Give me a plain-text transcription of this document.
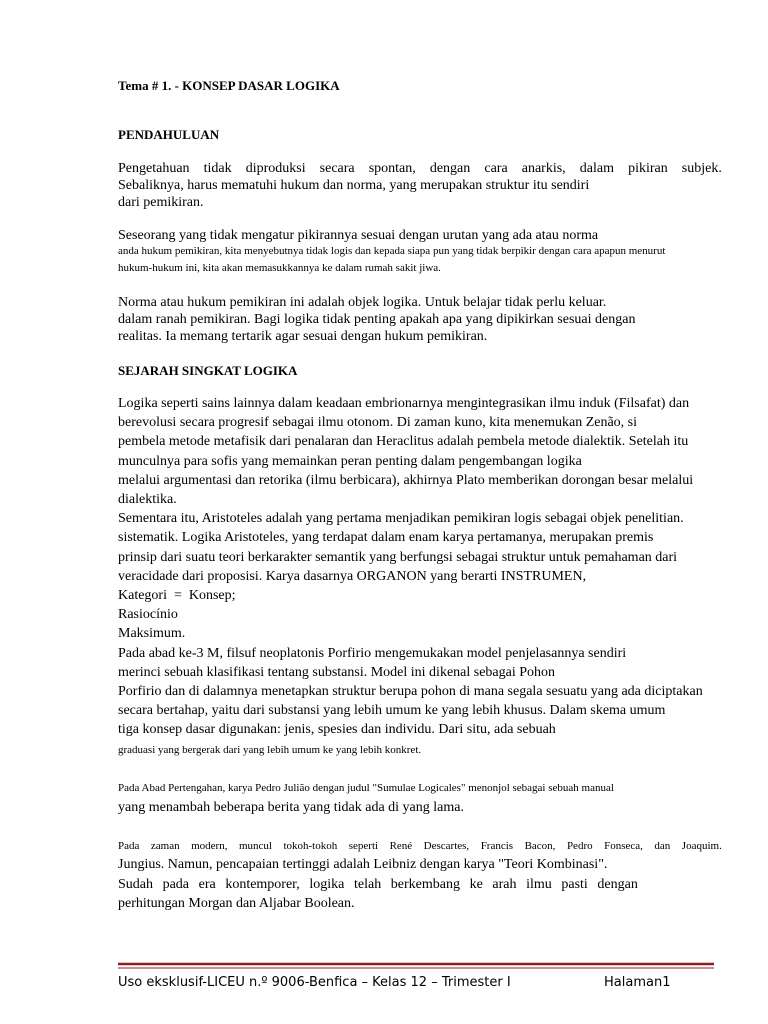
Tema # 1. - KONSEP DASAR LOGIKA
PENDAHULUAN
Pengetahuan tidak diproduksi secara spontan, dengan cara anarkis, dalam pikiran subjek.
Sebaliknya, harus mematuhi hukum dan norma, yang merupakan struktur itu sendiri
dari pemikiran.
Seseorang yang tidak mengatur pikirannya sesuai dengan urutan yang ada atau norma
anda hukum pemikiran, kita menyebutnya tidak logis dan kepada siapa pun yang tidak berpikir dengan cara apapun menurut
hukum-hukum ini, kita akan memasukkannya ke dalam rumah sakit jiwa.
Norma atau hukum pemikiran ini adalah objek logika. Untuk belajar tidak perlu keluar.
dalam ranah pemikiran. Bagi logika tidak penting apakah apa yang dipikirkan sesuai dengan
realitas. Ia memang tertarik agar sesuai dengan hukum pemikiran.
SEJARAH SINGKAT LOGIKA
Logika seperti sains lainnya dalam keadaan embrionarnya mengintegrasikan ilmu induk (Filsafat) dan
berevolusi secara progresif sebagai ilmu otonom. Di zaman kuno, kita menemukan Zenão, si
pembela metode metafisik dari penalaran dan Heraclitus adalah pembela metode dialektik. Setelah itu
munculnya para sofis yang memainkan peran penting dalam pengembangan logika
melalui argumentasi dan retorika (ilmu berbicara), akhirnya Plato memberikan dorongan besar melalui
dialektika.
Sementara itu, Aristoteles adalah yang pertama menjadikan pemikiran logis sebagai objek penelitian.
sistematik. Logika Aristoteles, yang terdapat dalam enam karya pertamanya, merupakan premis
prinsip dari suatu teori berkarakter semantik yang berfungsi sebagai struktur untuk pemahaman dari
veracidade dari proposisi. Karya dasarnya ORGANON yang berarti INSTRUMEN,
Kategori  =  Konsep;
Rasiocínio
Maksimum.
Pada abad ke-3 M, filsuf neoplatonis Porfirio mengemukakan model penjelasannya sendiri
merinci sebuah klasifikasi tentang substansi. Model ini dikenal sebagai Pohon
Porfirio dan di dalamnya menetapkan struktur berupa pohon di mana segala sesuatu yang ada diciptakan
secara bertahap, yaitu dari substansi yang lebih umum ke yang lebih khusus. Dalam skema umum
tiga konsep dasar digunakan: jenis, spesies dan individu. Dari situ, ada sebuah
graduasi yang bergerak dari yang lebih umum ke yang lebih konkret.
Pada Abad Pertengahan, karya Pedro Julião dengan judul "Sumulae Logicales" menonjol sebagai sebuah manual
yang menambah beberapa berita yang tidak ada di yang lama.
Pada zaman modern, muncul tokoh-tokoh seperti René Descartes, Francis Bacon, Pedro Fonseca, dan Joaquim.
Jungius. Namun, pencapaian tertinggi adalah Leibniz dengan karya "Teori Kombinasi".
Sudah pada era kontemporer, logika telah berkembang ke arah ilmu pasti dengan
perhitungan Morgan dan Aljabar Boolean.
Uso eksklusif-LICEU n.º 9006-Benfica – Kelas 12 – Trimester I	Halaman1
